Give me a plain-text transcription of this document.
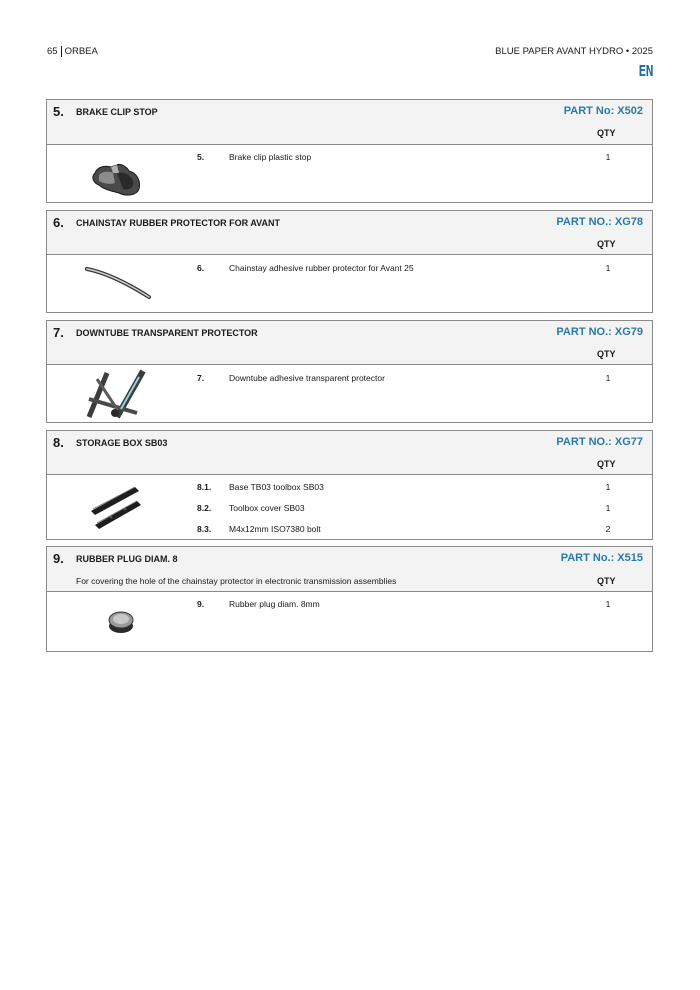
65 ORBEA	BLUE PAPER AVANT HYDRO • 2025
EN
5. BRAKE CLIP STOP	PART No: X502
QTY
5.	Brake clip plastic stop	1
6. CHAINSTAY RUBBER PROTECTOR FOR AVANT	PART NO.: XG78
QTY
6.	Chainstay adhesive rubber protector for Avant 25	1
7. DOWNTUBE TRANSPARENT PROTECTOR	PART NO.: XG79
QTY
7.	Downtube adhesive transparent protector	1
8. STORAGE BOX SB03	PART NO.: XG77
QTY
8.1.	Base TB03 toolbox SB03	1
8.2.	Toolbox cover SB03	1
8.3.	M4x12mm ISO7380 bolt	2
9. RUBBER PLUG DIAM. 8	PART No.: X515
For covering the hole of the chainstay protector in electronic transmission assemblies	QTY
9.	Rubber plug diam. 8mm	1
